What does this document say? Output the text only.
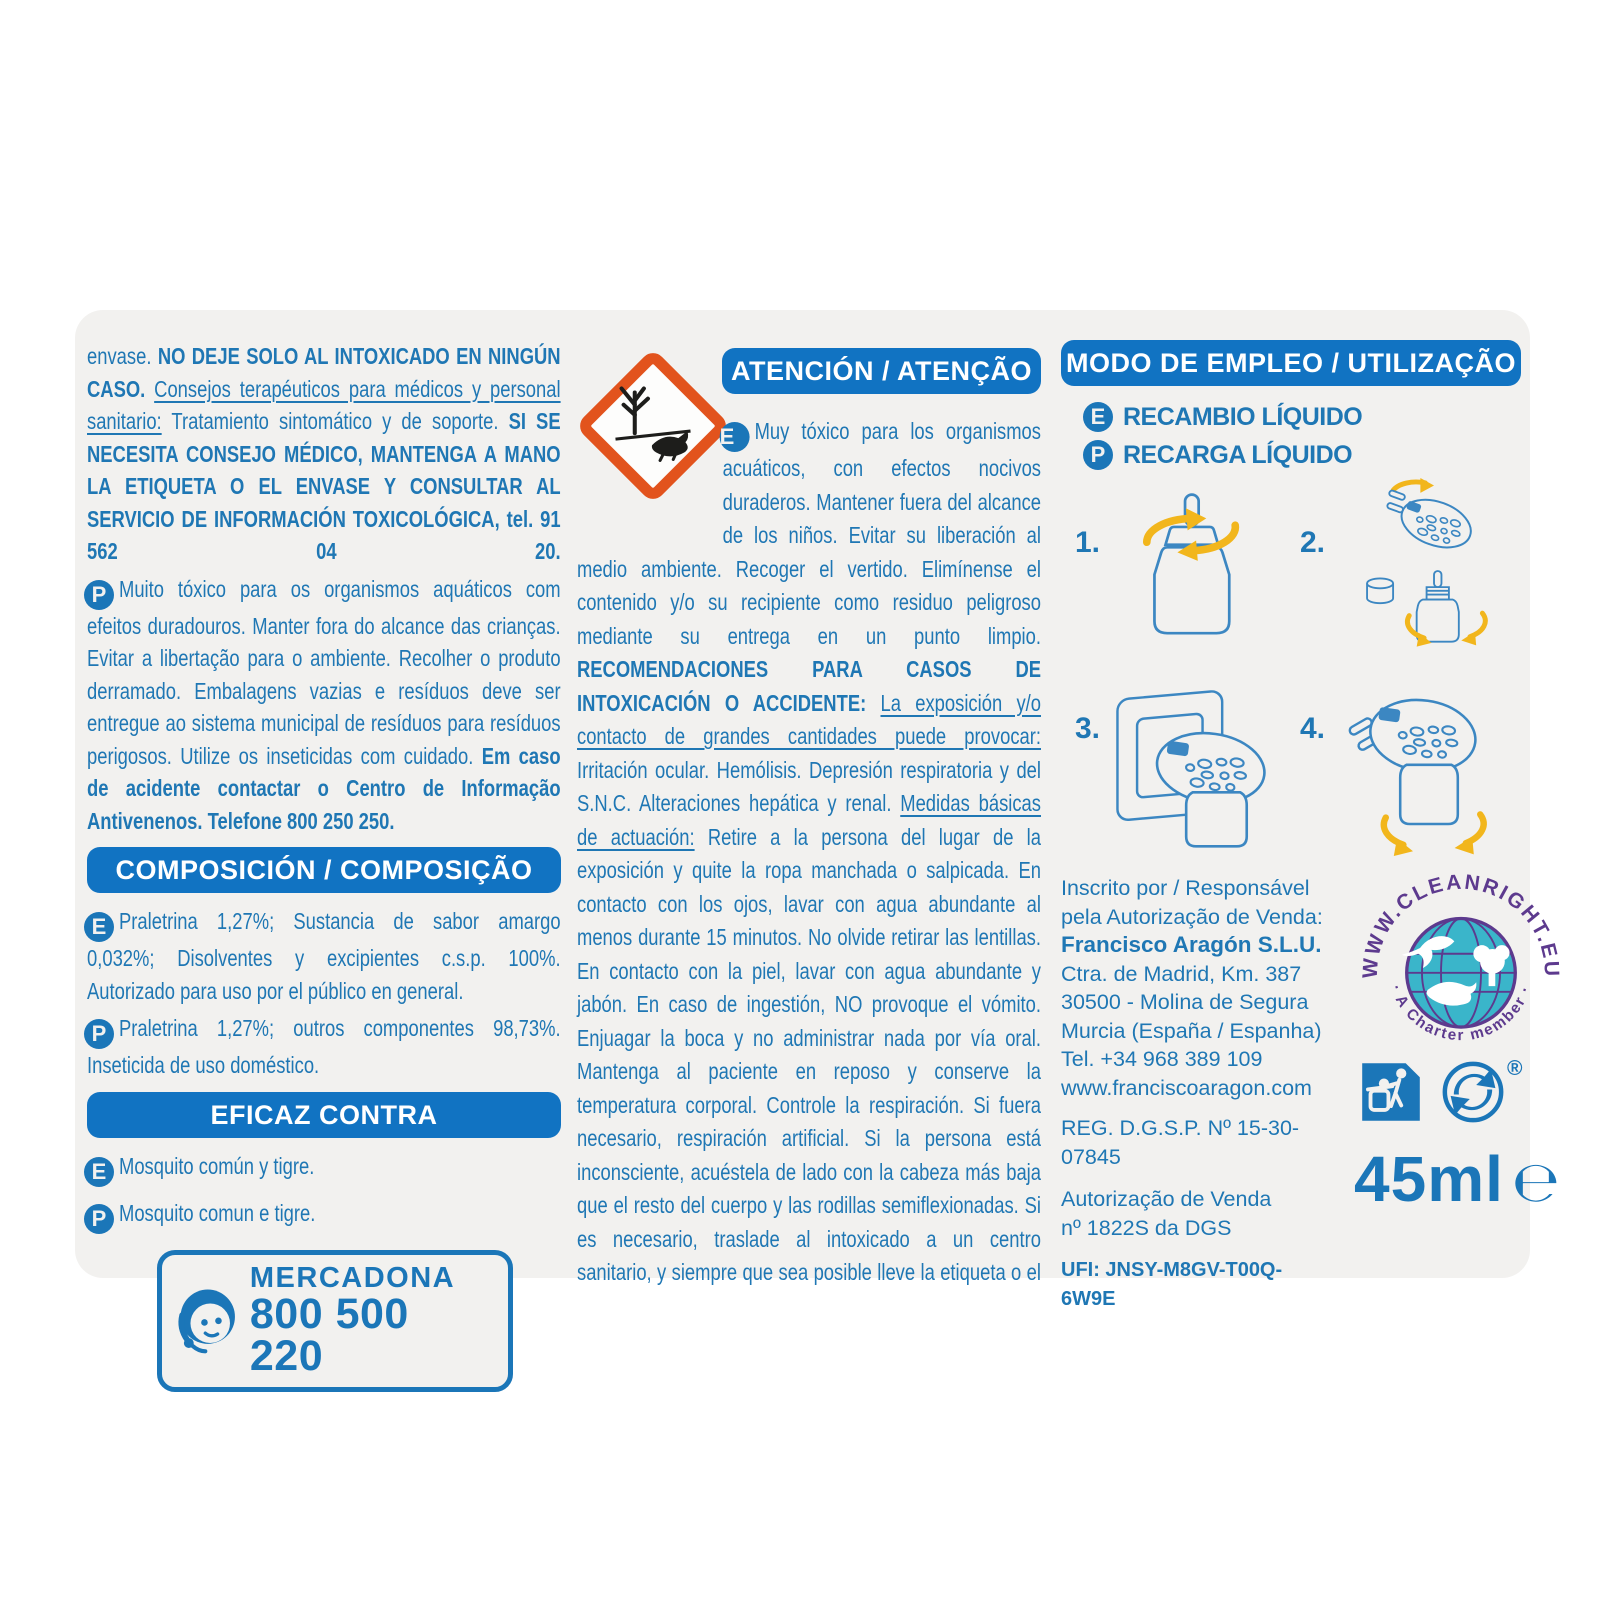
envase. NO DEJE SOLO AL INTOXICADO EN NINGÚN CASO. Consejos terapéuticos para médicos y personal sanitario: Tratamiento sintomático y de soporte. SI SE NECESITA CONSEJO MÉDICO, MANTENGA A MANO LA ETIQUETA O EL ENVASE Y CONSULTAR AL SERVICIO DE INFORMACIÓN TOXICOLÓGICA, tel. 91 562 04 20.

P Muito tóxico para os organismos aquáticos com efeitos duradouros. Manter fora do alcance das crianças. Evitar a libertação para o ambiente. Recolher o produto derramado. Embalagens vazias e resíduos deve ser entregue ao sistema municipal de resíduos para resíduos perigosos. Utilize os inseticidas com cuidado. Em caso de acidente contactar o Centro de Informação Antivenenos. Telefone 800 250 250.

COMPOSICIÓN / COMPOSIÇÃO

E Praletrina 1,27%; Sustancia de sabor amargo 0,032%; Disolventes y excipientes c.s.p. 100%. Autorizado para uso por el público en general.

P Praletrina 1,27%; outros componentes 98,73%. Inseticida de uso doméstico.

EFICAZ CONTRA

E Mosquito común y tigre.

P Mosquito comun e tigre.

MERCADONA
800 500 220
ATENCIÓN / ATENÇÃO

E Muy tóxico para los organismos acuáticos, con efectos nocivos duraderos. Mantener fuera del alcance de los niños. Evitar su liberación al medio ambiente. Recoger el vertido. Elimínense el contenido y/o su recipiente como residuo peligroso mediante su entrega en un punto limpio. RECOMENDACIONES PARA CASOS DE INTOXICACIÓN O ACCIDENTE: La exposición y/o contacto de grandes cantidades puede provocar: Irritación ocular. Hemólisis. Depresión respiratoria y del S.N.C. Alteraciones hepática y renal. Medidas básicas de actuación: Retire a la persona del lugar de la exposición y quite la ropa manchada o salpicada. En contacto con los ojos, lavar con agua abundante al menos durante 15 minutos. No olvide retirar las lentillas. En contacto con la piel, lavar con agua abundante y jabón. En caso de ingestión, NO provoque el vómito. Enjuagar la boca y no administrar nada por vía oral. Mantenga al paciente en reposo y conserve la temperatura corporal. Controle la respiración. Si fuera necesario, respiración artificial. Si la persona está inconsciente, acuéstela de lado con la cabeza más baja que el resto del cuerpo y las rodillas semiflexionadas. Si es necesario, traslade al intoxicado a un centro sanitario, y siempre que sea posible lleve la etiqueta o el

MODO DE EMPLEO / UTILIZAÇÃO
E RECAMBIO LÍQUIDO
P RECARGA LÍQUIDO
1.	2.
3.	4.
Inscrito por / Responsável
pela Autorização de Venda:
Francisco Aragón S.L.U.
Ctra. de Madrid, Km. 387
30500 - Molina de Segura
Murcia (España / Espanha)
Tel. +34 968 389 109
www.franciscoaragon.com
REG. D.G.S.P. Nº 15-30-07845
Autorização de Venda
nº 1822S da DGS
UFI: JNSY-M8GV-T00Q-6W9E
WWW.CLEANRIGHT.EU
· A Charter member ·
®
45ml ℮
